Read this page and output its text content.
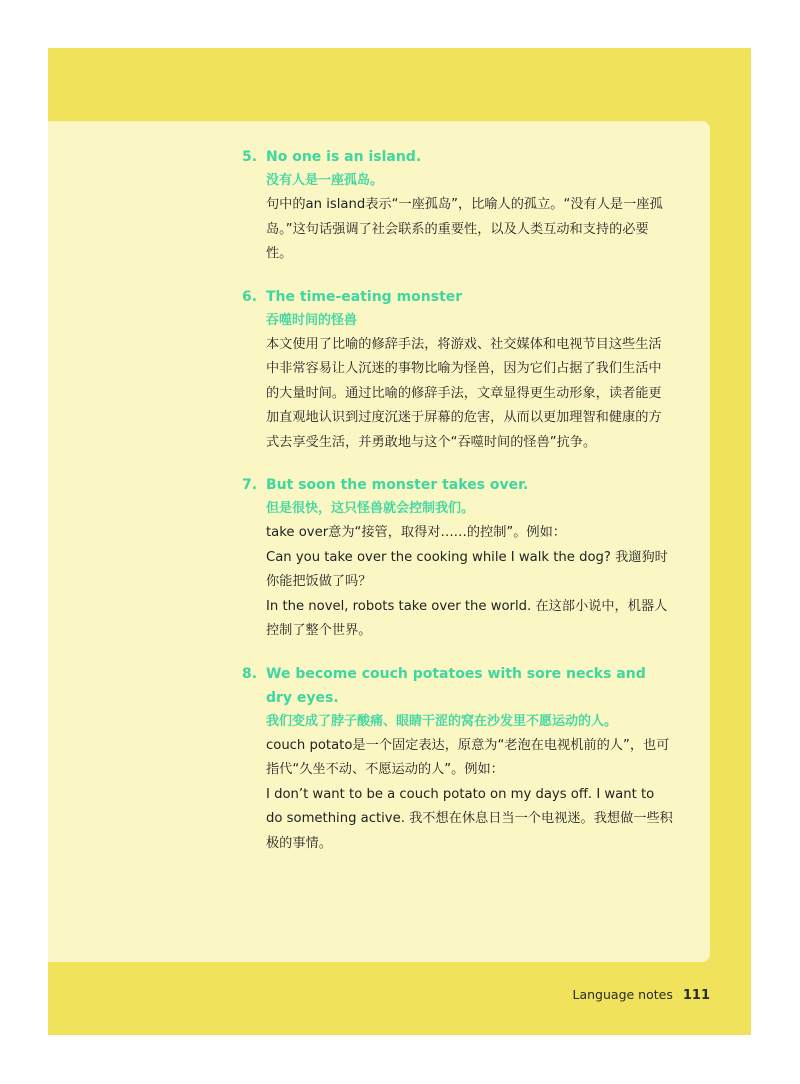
5. No one is an island.
没有人是一座孤岛。

句中的an island表示“一座孤岛”，比喻人的孤立。“没有人是一座孤岛。”这句话强调了社会联系的重要性，以及人类互动和支持的必要性。

6. The time-eating monster
吞噬时间的怪兽

本文使用了比喻的修辞手法，将游戏、社交媒体和电视节目这些生活中非常容易让人沉迷的事物比喻为怪兽，因为它们占据了我们生活中的大量时间。通过比喻的修辞手法，文章显得更生动形象，读者能更加直观地认识到过度沉迷于屏幕的危害，从而以更加理智和健康的方式去享受生活，并勇敢地与这个“吞噬时间的怪兽”抗争。

7. But soon the monster takes over.
但是很快，这只怪兽就会控制我们。

take over意为“接管，取得对……的控制”。例如：

Can you take over the cooking while I walk the dog? 我遛狗时你能把饭做了吗？

In the novel, robots take over the world. 在这部小说中，机器人控制了整个世界。

8. We become couch potatoes with sore necks and dry eyes.
我们变成了脖子酸痛、眼睛干涩的窝在沙发里不愿运动的人。

couch potato是一个固定表达，原意为“老泡在电视机前的人”，也可指代“久坐不动、不愿运动的人”。例如：

I don’t want to be a couch potato on my days off. I want to do something active. 我不想在休息日当一个电视迷。我想做一些积极的事情。

Language notes 111
